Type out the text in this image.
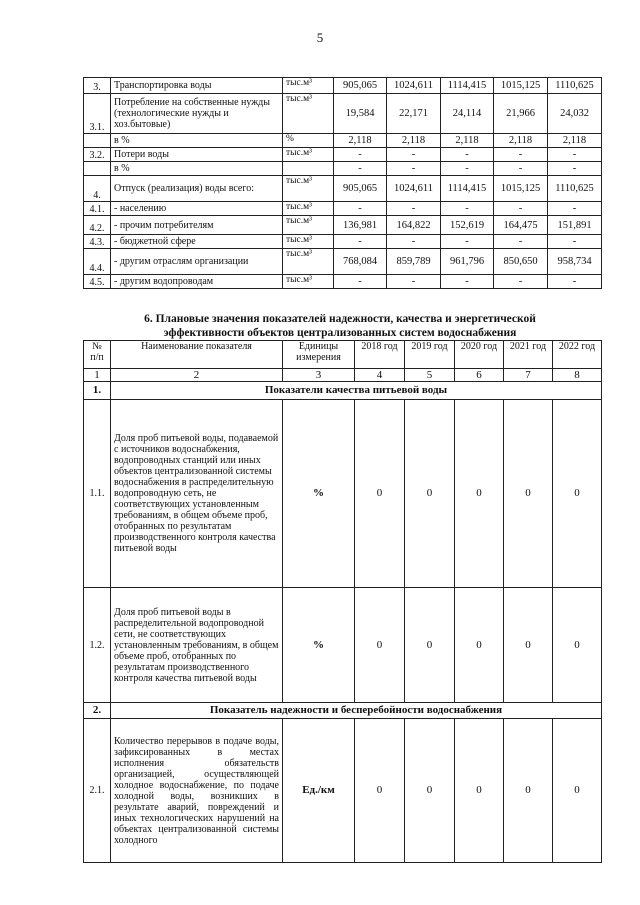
5
3.	Транспортировка воды	тыс.м³	905,065	1024,611	1114,415	1015,125	1110,625
3.1.	Потребление на собственные нужды (технологические нужды и хоз.бытовые)	тыс.м³	19,584	22,171	24,114	21,966	24,032
	в %	%	2,118	2,118	2,118	2,118	2,118
3.2.	Потери воды	тыс.м³	-	-	-	-	-
	в %		-	-	-	-	-
4.	Отпуск (реализация) воды всего:	тыс.м³	905,065	1024,611	1114,415	1015,125	1110,625
4.1.	- населению	тыс.м³	-	-	-	-	-
4.2.	- прочим потребителям	тыс.м³	136,981	164,822	152,619	164,475	151,891
4.3.	- бюджетной сфере	тыс.м³	-	-	-	-	-
4.4.	- другим отраслям организации	тыс.м³	768,084	859,789	961,796	850,650	958,734
4.5.	- другим водопроводам	тыс.м³	-	-	-	-	-
6. Плановые значения показателей надежности, качества и энергетической
эффективности объектов централизованных систем водоснабжения
№ п/п	Наименование показателя	Единицы измерения	2018 год	2019 год	2020 год	2021 год	2022 год
1	2	3	4	5	6	7	8
1.	Показатели качества питьевой воды						
1.1.	Доля проб питьевой воды, подаваемой с источников водоснабжения, водопроводных станций или иных объектов централизованной системы водоснабжения в распределительную водопроводную сеть, не соответствующих установленным требованиям, в общем объеме проб, отобранных по результатам производственного контроля качества питьевой воды	%	0	0	0	0	0
1.2.	Доля проб питьевой воды в распределительной водопроводной сети, не соответствующих установленным требованиям, в общем объеме проб, отобранных по результатам производственного контроля качества питьевой воды	%	0	0	0	0	0
2.	Показатель надежности и бесперебойности водоснабжения						
2.1.	Количество перерывов в подаче воды, зафиксированных в местах исполнения обязательств организацией, осуществляющей холодное водоснабжение, по подаче холодной воды, возникших в результате аварий, повреждений и иных технологических нарушений на объектах централизованной системы холодного	Ед./км	0	0	0	0	0
